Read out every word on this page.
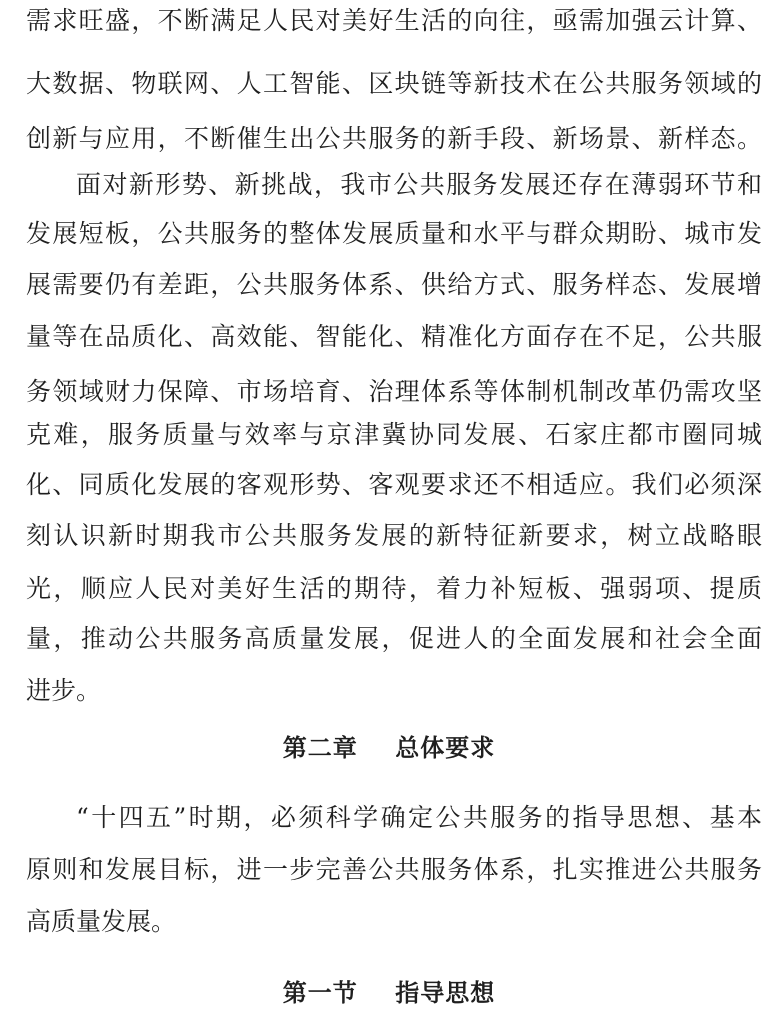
需求旺盛，不断满足人民对美好生活的向往，亟需加强云计算、
大数据、物联网、人工智能、区块链等新技术在公共服务领域的
创新与应用，不断催生出公共服务的新手段、新场景、新样态。
面对新形势、新挑战，我市公共服务发展还存在薄弱环节和
发展短板，公共服务的整体发展质量和水平与群众期盼、城市发
展需要仍有差距，公共服务体系、供给方式、服务样态、发展增
量等在品质化、高效能、智能化、精准化方面存在不足，公共服
务领域财力保障、市场培育、治理体系等体制机制改革仍需攻坚
克难，服务质量与效率与京津冀协同发展、石家庄都市圈同城
化、同质化发展的客观形势、客观要求还不相适应。我们必须深
刻认识新时期我市公共服务发展的新特征新要求，树立战略眼
光，顺应人民对美好生活的期待，着力补短板、强弱项、提质
量，推动公共服务高质量发展，促进人的全面发展和社会全面
进步。
第二章    总体要求
“十四五”时期，必须科学确定公共服务的指导思想、基本
原则和发展目标，进一步完善公共服务体系，扎实推进公共服务
高质量发展。
第一节    指导思想
